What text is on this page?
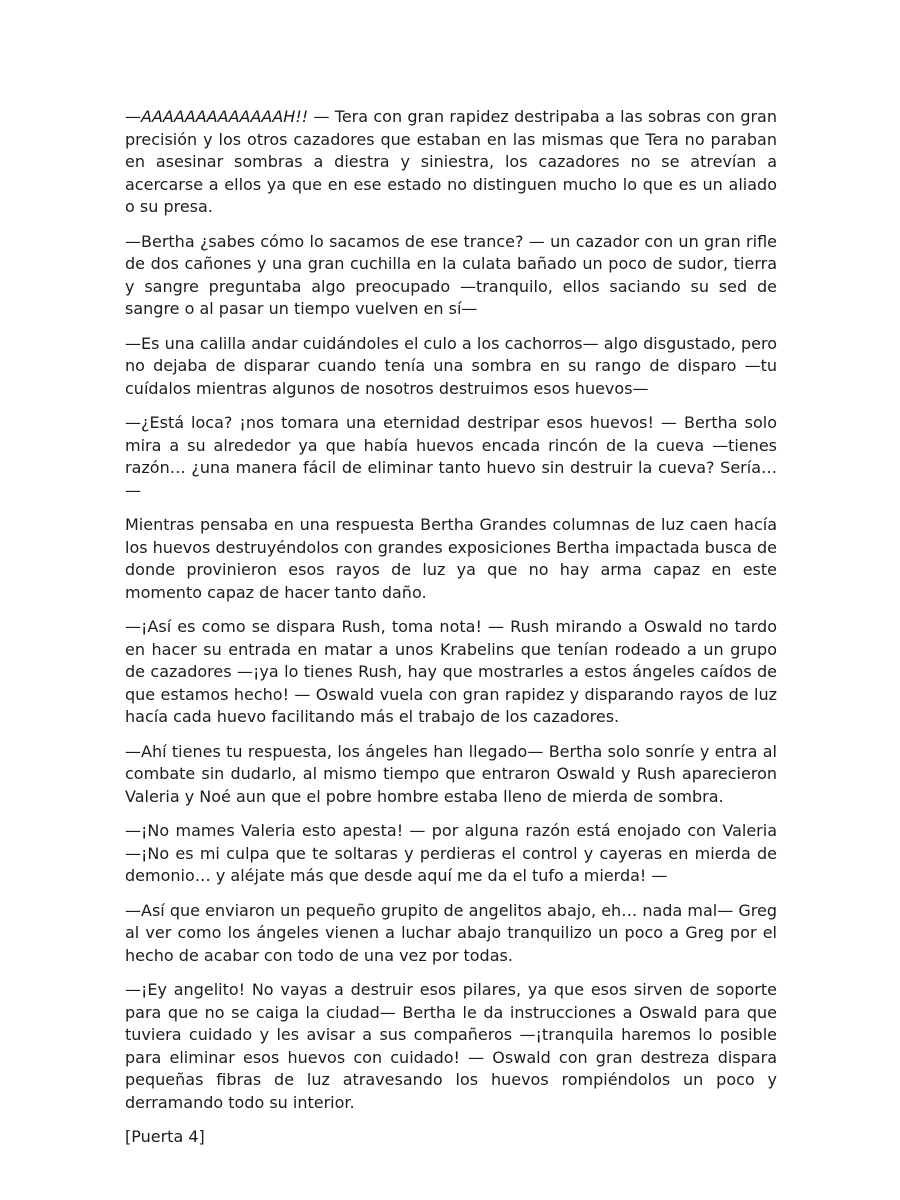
—AAAAAAAAAAAAAH!! — Tera con gran rapidez destripaba a las sobras con gran precisión y los otros cazadores que estaban en las mismas que Tera no paraban en asesinar sombras a diestra y siniestra, los cazadores no se atrevían a acercarse a ellos ya que en ese estado no distinguen mucho lo que es un aliado o su presa.

—Bertha ¿sabes cómo lo sacamos de ese trance? — un cazador con un gran rifle de dos cañones y una gran cuchilla en la culata bañado un poco de sudor, tierra y sangre preguntaba algo preocupado —tranquilo, ellos saciando su sed de sangre o al pasar un tiempo vuelven en sí—

—Es una calilla andar cuidándoles el culo a los cachorros— algo disgustado, pero no dejaba de disparar cuando tenía una sombra en su rango de disparo —tu cuídalos mientras algunos de nosotros destruimos esos huevos—

—¿Está loca? ¡nos tomara una eternidad destripar esos huevos! — Bertha solo mira a su alrededor ya que había huevos encada rincón de la cueva —tienes razón… ¿una manera fácil de eliminar tanto huevo sin destruir la cueva? Sería…—

Mientras pensaba en una respuesta Bertha Grandes columnas de luz caen hacía los huevos destruyéndolos con grandes exposiciones Bertha impactada busca de donde provinieron esos rayos de luz ya que no hay arma capaz en este momento capaz de hacer tanto daño.

—¡Así es como se dispara Rush, toma nota! — Rush mirando a Oswald no tardo en hacer su entrada en matar a unos Krabelins que tenían rodeado a un grupo de cazadores —¡ya lo tienes Rush, hay que mostrarles a estos ángeles caídos de que estamos hecho! — Oswald vuela con gran rapidez y disparando rayos de luz hacía cada huevo facilitando más el trabajo de los cazadores.

—Ahí tienes tu respuesta, los ángeles han llegado— Bertha solo sonríe y entra al combate sin dudarlo, al mismo tiempo que entraron Oswald y Rush aparecieron Valeria y Noé aun que el pobre hombre estaba lleno de mierda de sombra.

—¡No mames Valeria esto apesta! — por alguna razón está enojado con Valeria —¡No es mi culpa que te soltaras y perdieras el control y cayeras en mierda de demonio… y aléjate más que desde aquí me da el tufo a mierda! —

—Así que enviaron un pequeño grupito de angelitos abajo, eh… nada mal— Greg al ver como los ángeles vienen a luchar abajo tranquilizo un poco a Greg por el hecho de acabar con todo de una vez por todas.

—¡Ey angelito! No vayas a destruir esos pilares, ya que esos sirven de soporte para que no se caiga la ciudad— Bertha le da instrucciones a Oswald para que tuviera cuidado y les avisar a sus compañeros —¡tranquila haremos lo posible para eliminar esos huevos con cuidado! — Oswald con gran destreza dispara pequeñas fibras de luz atravesando los huevos rompiéndolos un poco y derramando todo su interior.

[Puerta 4]
